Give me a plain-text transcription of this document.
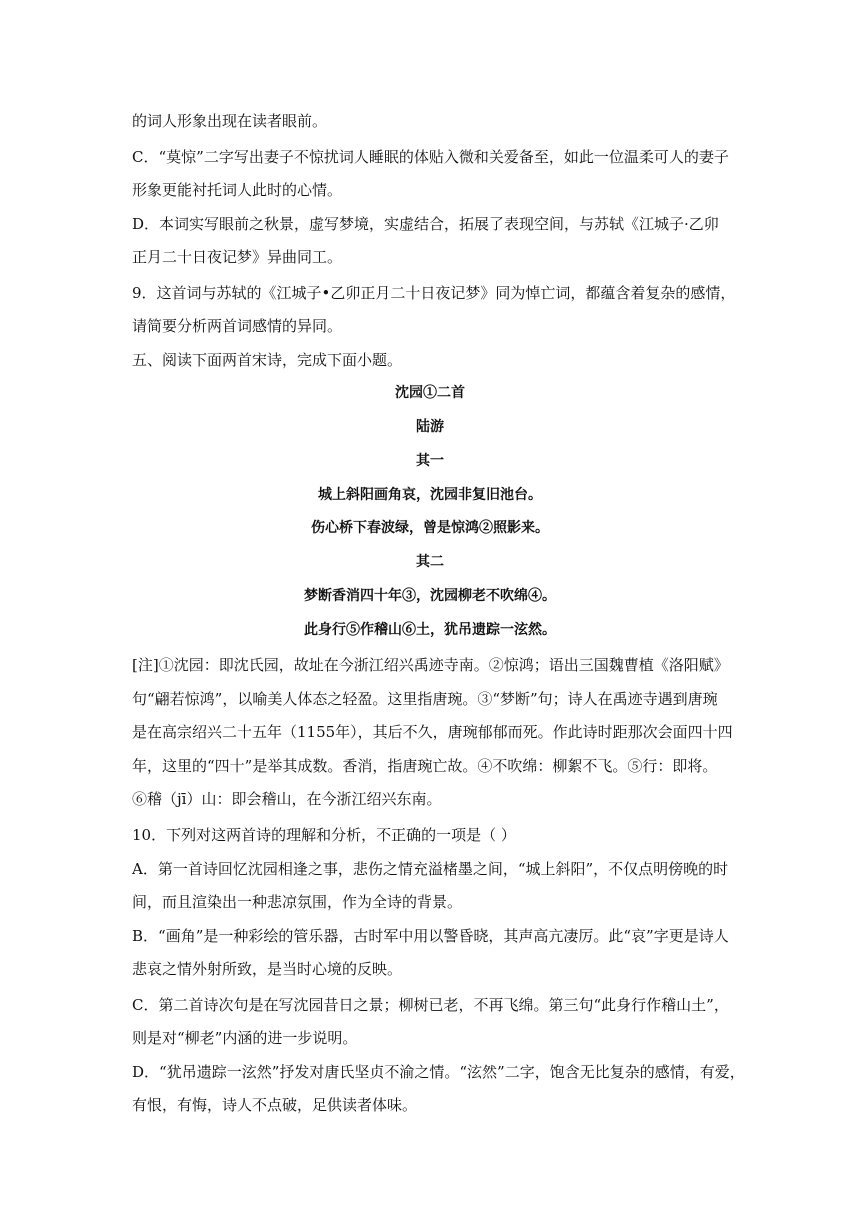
的词人形象出现在读者眼前。
C．“莫惊”二字写出妻子不惊扰词人睡眠的体贴入微和关爱备至，如此一位温柔可人的妻子
形象更能衬托词人此时的心情。
D．本词实写眼前之秋景，虚写梦境，实虚结合，拓展了表现空间，与苏轼《江城子·乙卯
正月二十日夜记梦》异曲同工。
9．这首词与苏轼的《江城子•乙卯正月二十日夜记梦》同为悼亡词，都蕴含着复杂的感情，
请简要分析两首词感情的异同。
五、阅读下面两首宋诗，完成下面小题。
沈园①二首
陆游
其一
城上斜阳画角哀，沈园非复旧池台。
伤心桥下春波绿，曾是惊鸿②照影来。
其二
梦断香消四十年③，沈园柳老不吹绵④。
此身行⑤作稽山⑥土，犹吊遗踪一泫然。
[注]①沈园：即沈氏园，故址在今浙江绍兴禹迹寺南。②惊鸿；语出三国魏曹植《洛阳赋》
句“翩若惊鸿”，以喻美人体态之轻盈。这里指唐琬。③“梦断”句；诗人在禹迹寺遇到唐琬
是在高宗绍兴二十五年（1155年），其后不久，唐琬郁郁而死。作此诗时距那次会面四十四
年，这里的“四十”是举其成数。香消，指唐琬亡故。④不吹绵：柳絮不飞。⑤行：即将。
⑥稽（jī）山：即会稽山，在今浙江绍兴东南。
10．下列对这两首诗的理解和分析，不正确的一项是（ ）
A．第一首诗回忆沈园相逢之事，悲伤之情充溢楮墨之间，“城上斜阳”，不仅点明傍晚的时
间，而且渲染出一种悲凉氛围，作为全诗的背景。
B．“画角”是一种彩绘的管乐器，古时军中用以警昏晓，其声高亢凄厉。此“哀”字更是诗人
悲哀之情外射所致，是当时心境的反映。
C．第二首诗次句是在写沈园昔日之景；柳树已老，不再飞绵。第三句“此身行作稽山土”，
则是对“柳老”内涵的进一步说明。
D．“犹吊遗踪一泫然”抒发对唐氏坚贞不渝之情。“泫然”二字，饱含无比复杂的感情，有爱，
有恨，有悔，诗人不点破，足供读者体味。
